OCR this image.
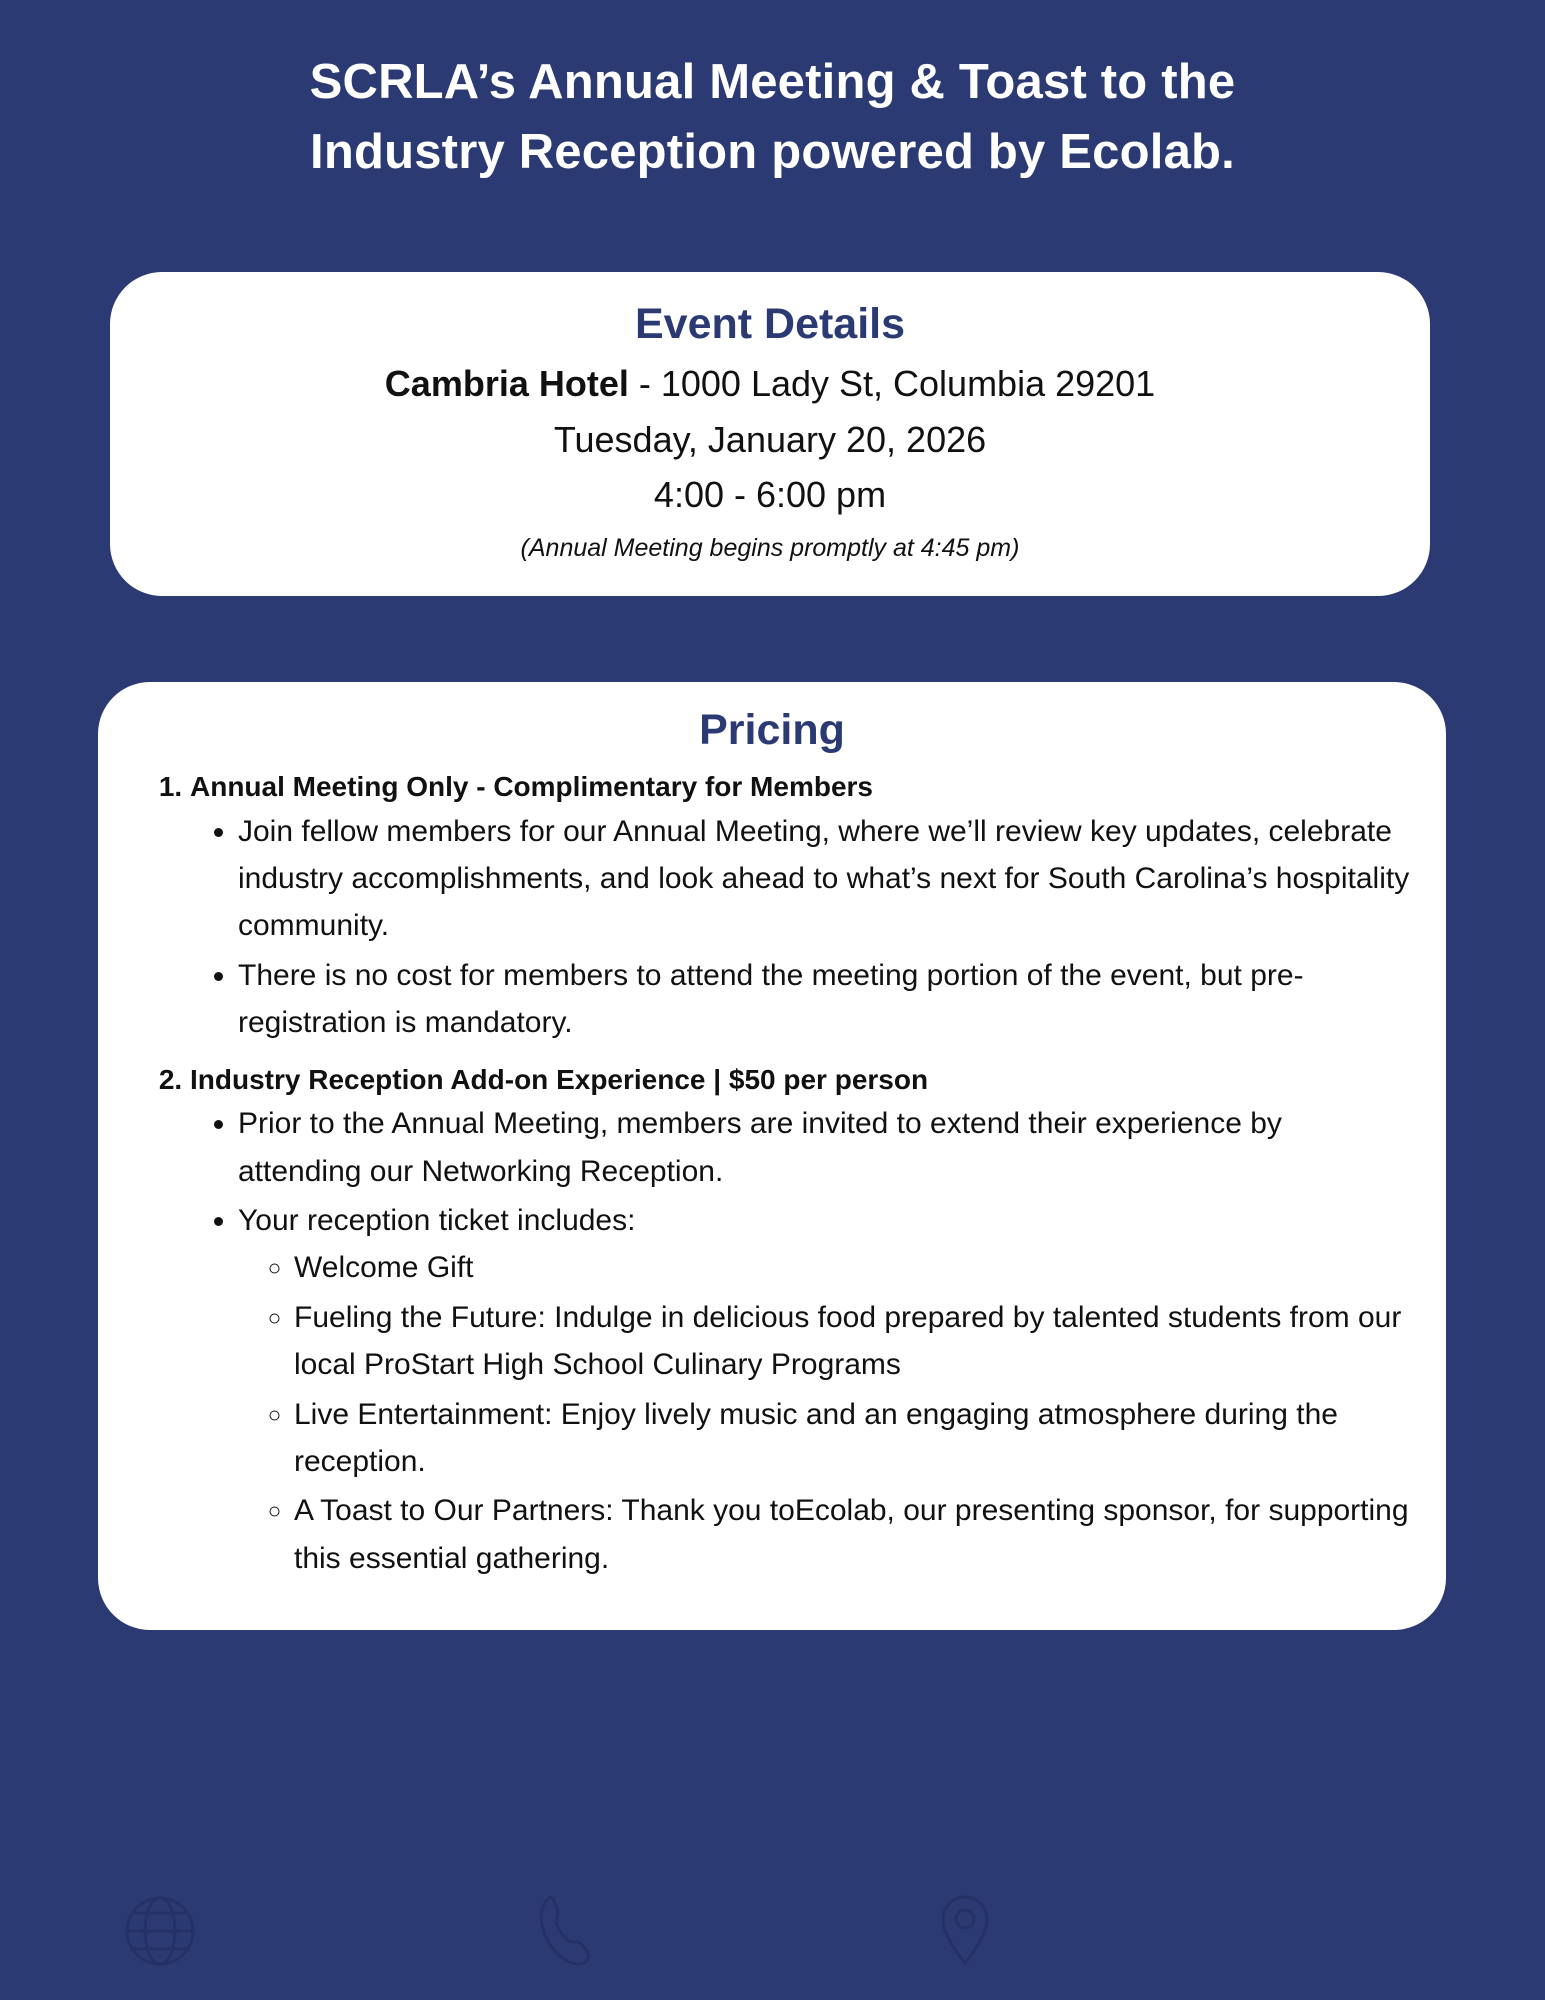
SCRLA’s Annual Meeting & Toast to the
Industry Reception powered by Ecolab.
Event Details
Cambria Hotel - 1000 Lady St, Columbia 29201
Tuesday, January 20, 2026
4:00 - 6:00 pm
(Annual Meeting begins promptly at 4:45 pm)
Pricing
1. Annual Meeting Only - Complimentary for Members
• Join fellow members for our Annual Meeting, where we’ll review key updates, celebrate industry accomplishments, and look ahead to what’s next for South Carolina’s hospitality community.
• There is no cost for members to attend the meeting portion of the event, but pre-registration is mandatory.
2. Industry Reception Add-on Experience | $50 per person
• Prior to the Annual Meeting, members are invited to extend their experience by attending our Networking Reception.
• Your reception ticket includes:
◦ Welcome Gift
◦ Fueling the Future: Indulge in delicious food prepared by talented students from our local ProStart High School Culinary Programs
◦ Live Entertainment: Enjoy lively music and an engaging atmosphere during the reception.
◦ A Toast to Our Partners: Thank you toEcolab, our presenting sponsor, for supporting this essential gathering.
